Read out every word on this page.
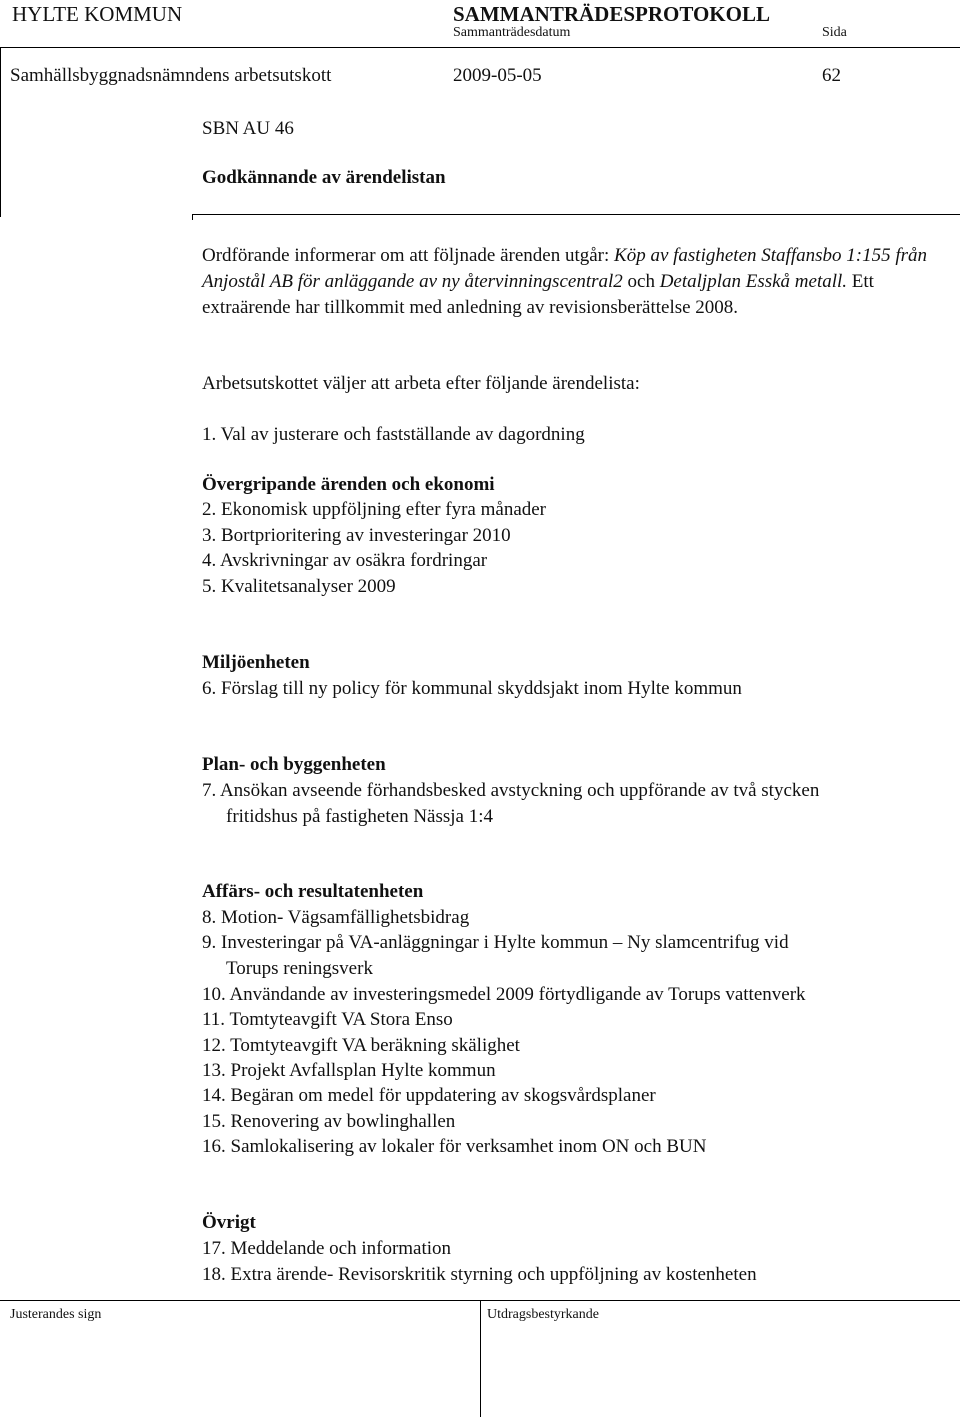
HYLTE KOMMUN	SAMMANTRÄDESPROTOKOLL
Sammanträdesdatum	Sida
Samhällsbyggnadsnämndens arbetsutskott	2009-05-05	62
SBN AU 46
Godkännande av ärendelistan
Ordförande informerar om att följnade ärenden utgår: Köp av fastigheten Staffansbo 1:155 från Anjostål AB för anläggande av ny återvinningscentral2 och Detaljplan Esskå metall. Ett extraärende har tillkommit med anledning av revisionsberättelse 2008.
Arbetsutskottet väljer att arbeta efter följande ärendelista:
1. Val av justerare och fastställande av dagordning
Övergripande ärenden och ekonomi
2. Ekonomisk uppföljning efter fyra månader
3. Bortprioritering av investeringar 2010
4. Avskrivningar av osäkra fordringar
5. Kvalitetsanalyser 2009
Miljöenheten
6. Förslag till ny policy för kommunal skyddsjakt inom Hylte kommun
Plan- och byggenheten
7. Ansökan avseende förhandsbesked avstyckning och uppförande av två stycken
fritidshus på fastigheten Nässja 1:4
Affärs- och resultatenheten
8. Motion- Vägsamfällighetsbidrag
9. Investeringar på VA-anläggningar i Hylte kommun – Ny slamcentrifug vid
Torups reningsverk
10. Användande av investeringsmedel 2009 förtydligande av Torups vattenverk
11. Tomtyteavgift VA Stora Enso
12. Tomtyteavgift VA beräkning skälighet
13. Projekt Avfallsplan Hylte kommun
14. Begäran om medel för uppdatering av skogsvårdsplaner
15. Renovering av bowlinghallen
16. Samlokalisering av lokaler för verksamhet inom ON och BUN
Övrigt
17. Meddelande och information
18. Extra ärende- Revisorskritik styrning och uppföljning av kostenheten
Justerandes sign	Utdragsbestyrkande
